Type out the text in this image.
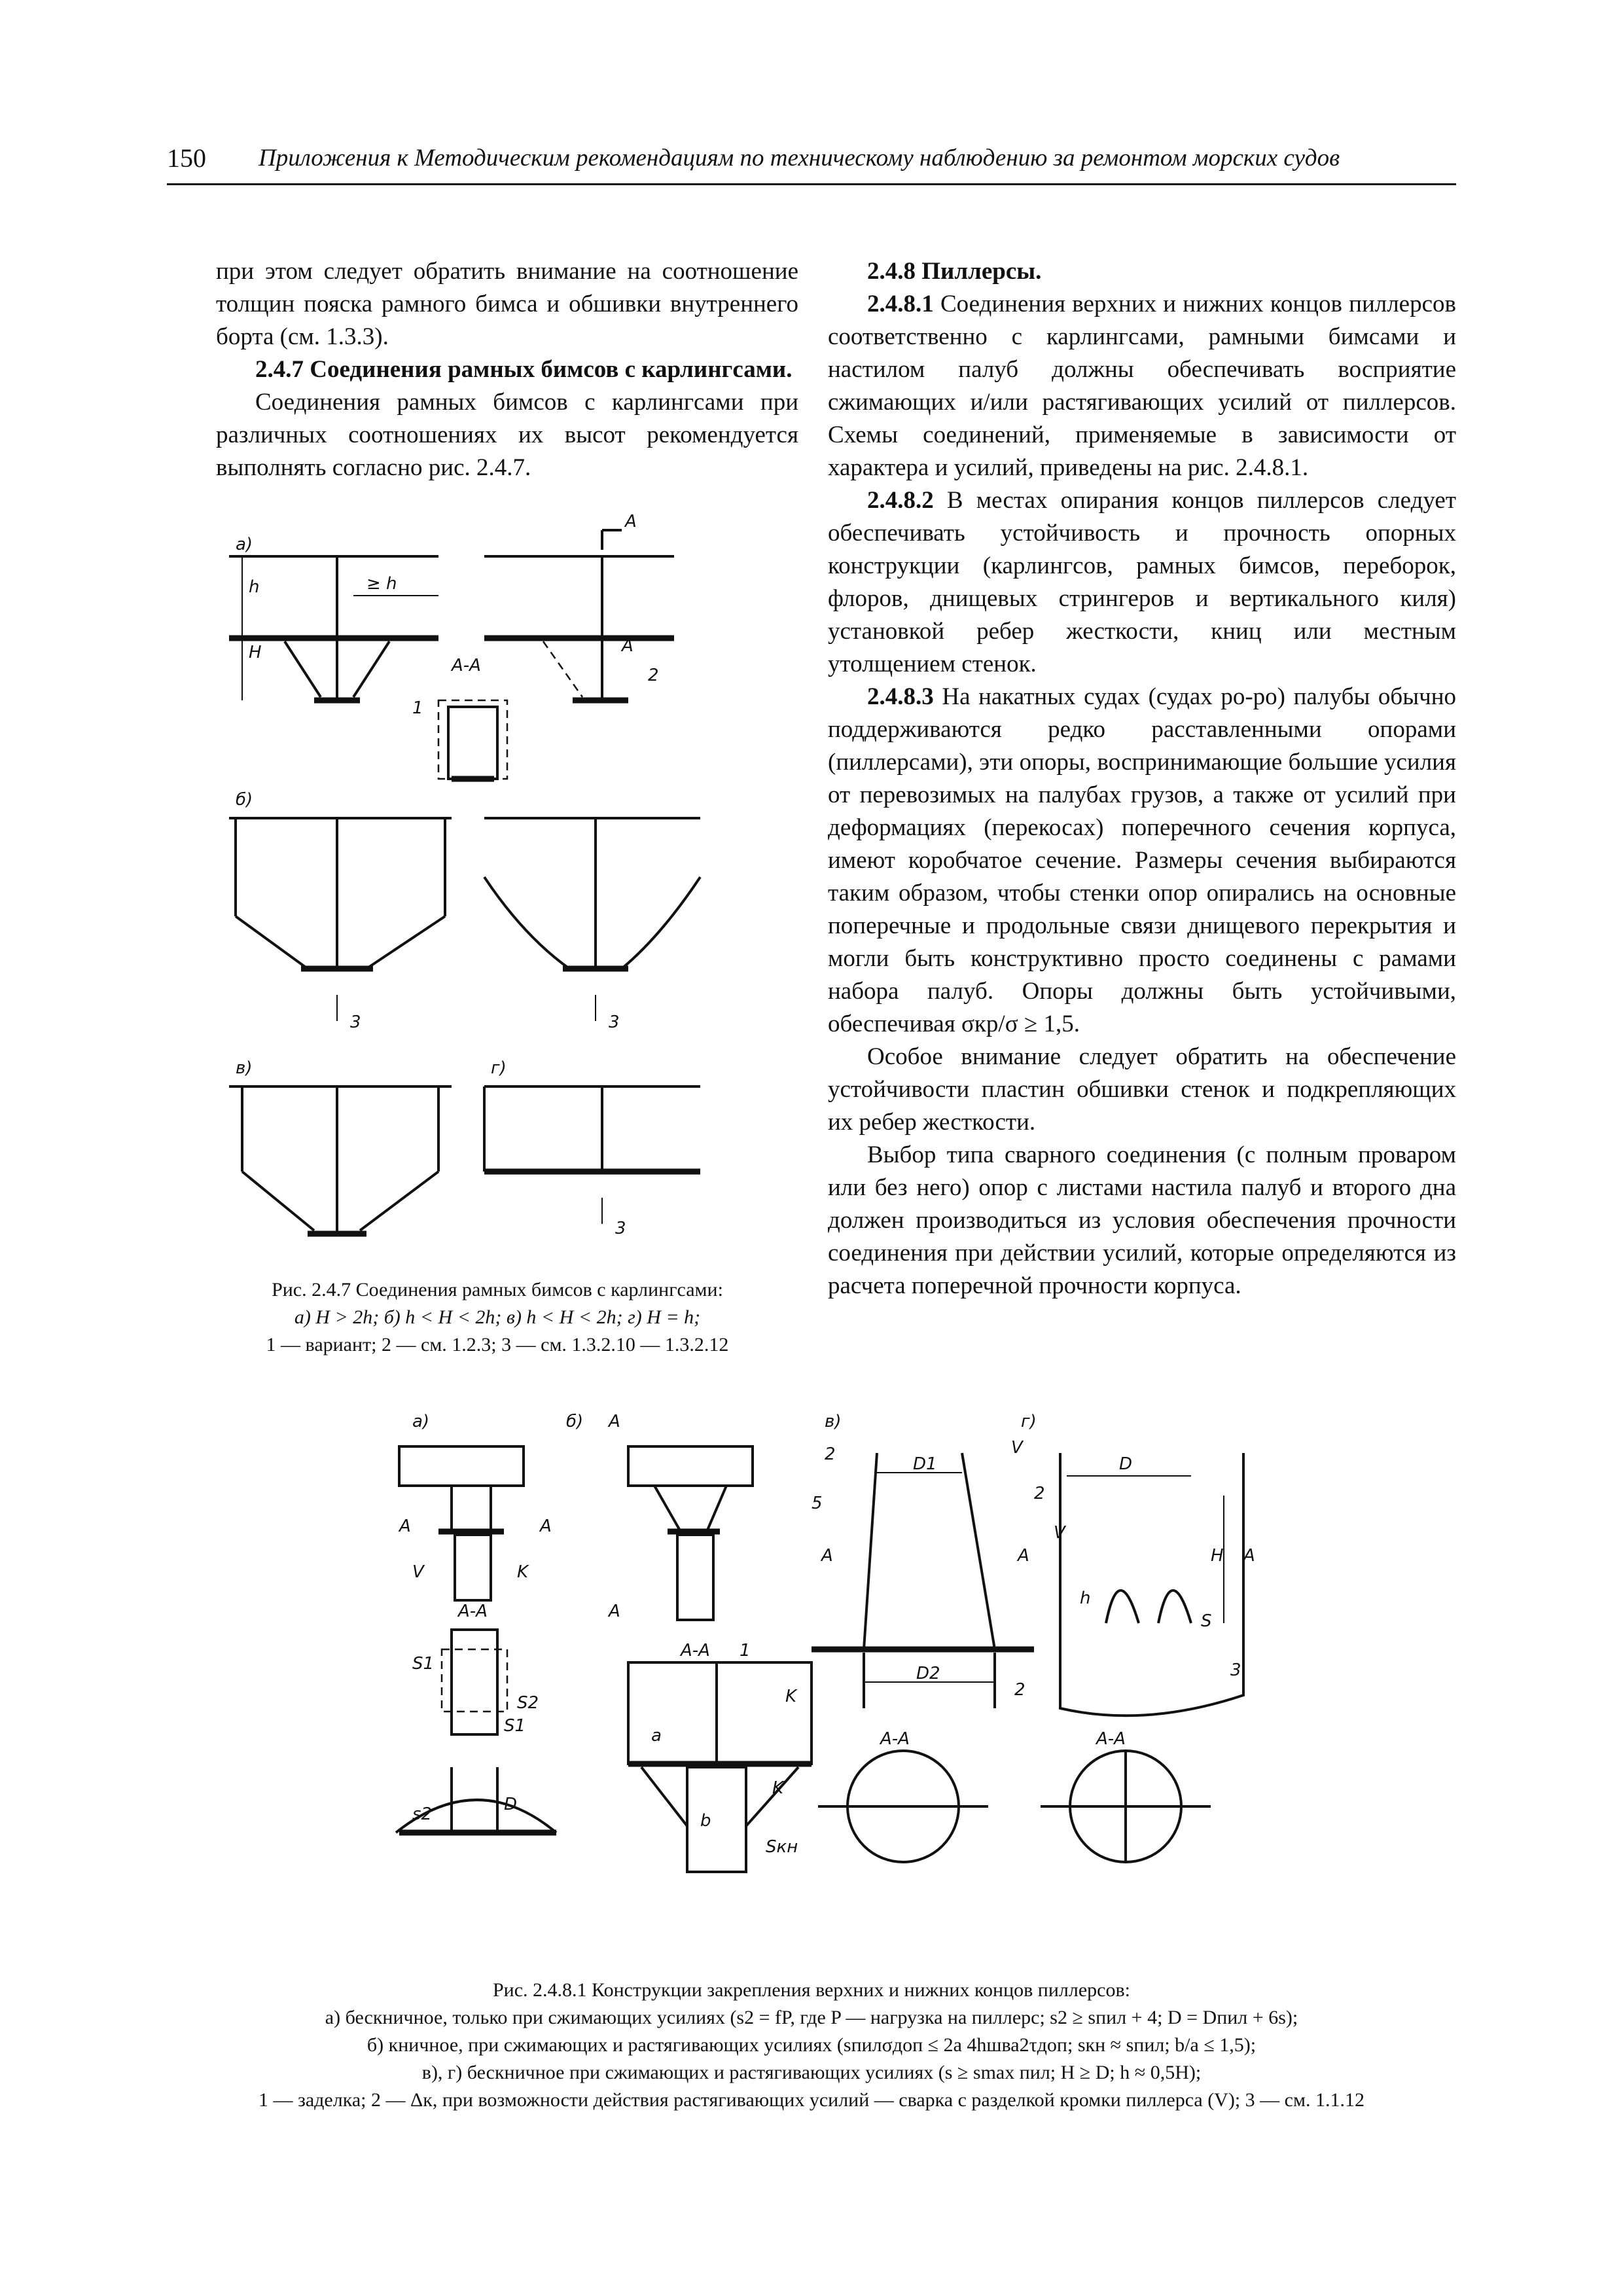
150 Приложения к Методическим рекомендациям по техническому наблюдению за ремонтом морских судов

при этом следует обратить внимание на соотношение толщин пояска рамного бимса и обшивки внутреннего борта (см. 1.3.3).

2.4.7 Соединения рамных бимсов с карлингсами.

Соединения рамных бимсов с карлингсами при различных соотношениях их высот рекомендуется выполнять согласно рис. 2.4.7.

2.4.8 Пиллерсы.

2.4.8.1 Соединения верхних и нижних концов пиллерсов соответственно с карлингсами, рамными бимсами и настилом палуб должны обеспечивать восприятие сжимающих и/или растягивающих усилий от пиллерсов. Схемы соединений, применяемые в зависимости от характера и усилий, приведены на рис. 2.4.8.1.

2.4.8.2 В местах опирания концов пиллерсов следует обеспечивать устойчивость и прочность опорных конструкции (карлингсов, рамных бимсов, переборок, флоров, днищевых стрингеров и вертикального киля) установкой ребер жесткости, книц или местным утолщением стенок.

2.4.8.3 На накатных судах (судах ро-ро) палубы обычно поддерживаются редко расставленными опорами (пиллерсами), эти опоры, воспринимающие большие усилия от перевозимых на палубах грузов, а также от усилий при деформациях (перекосах) поперечного сечения корпуса, имеют коробчатое сечение. Размеры сечения выбираются таким образом, чтобы стенки опор опирались на основные поперечные и продольные связи днищевого перекрытия и могли быть конструктивно просто соединены с рамами набора палуб. Опоры должны быть устойчивыми, обеспечивая σкр/σ ≥ 1,5.

Особое внимание следует обратить на обеспечение устойчивости пластин обшивки стенок и подкрепляющих их ребер жесткости.

Выбор типа сварного соединения (с полным проваром или без него) опор с листами настила палуб и второго дна должен производиться из условия обеспечения прочности соединения при действии усилий, которые определяются из расчета поперечной прочности корпуса.

а)
h
H
≥ h
А
А
2
А-А
1
б)
3	3
в)	г)
3
Рис. 2.4.7 Соединения рамных бимсов с карлингсами:
а) H > 2h; б) h < H < 2h; в) h < H < 2h; г) H = h;
1 — вариант; 2 — см. 1.2.3; 3 — см. 1.3.2.10 — 1.3.2.12
а)
А	А
V	K
А-А
S1
S2
S1
D
s2
б) А
А
А-А 1
a
b
K
K
Sкн
в)
D1
D2
2
5
2
V
А	А
А-А
г)
D
H
h
S
2
V
А
3
А-А
Рис. 2.4.8.1 Конструкции закрепления верхних и нижних концов пиллерсов:
а) бескничное, только при сжимающих усилиях (s2 = fP, где P — нагрузка на пиллерс; s2 ≥ sпил + 4; D = Dпил + 6s);
б) кничное, при сжимающих и растягивающих усилиях (sпилσдоп ≤ 2a 4hшва2τдоп; sкн ≈ sпил; b/a ≤ 1,5);
в), г) бескничное при сжимающих и растягивающих усилиях (s ≥ smax пил; H ≥ D; h ≈ 0,5H);
1 — заделка; 2 — Δк, при возможности действия растягивающих усилий — сварка с разделкой кромки пиллерса (V); 3 — см. 1.1.12
